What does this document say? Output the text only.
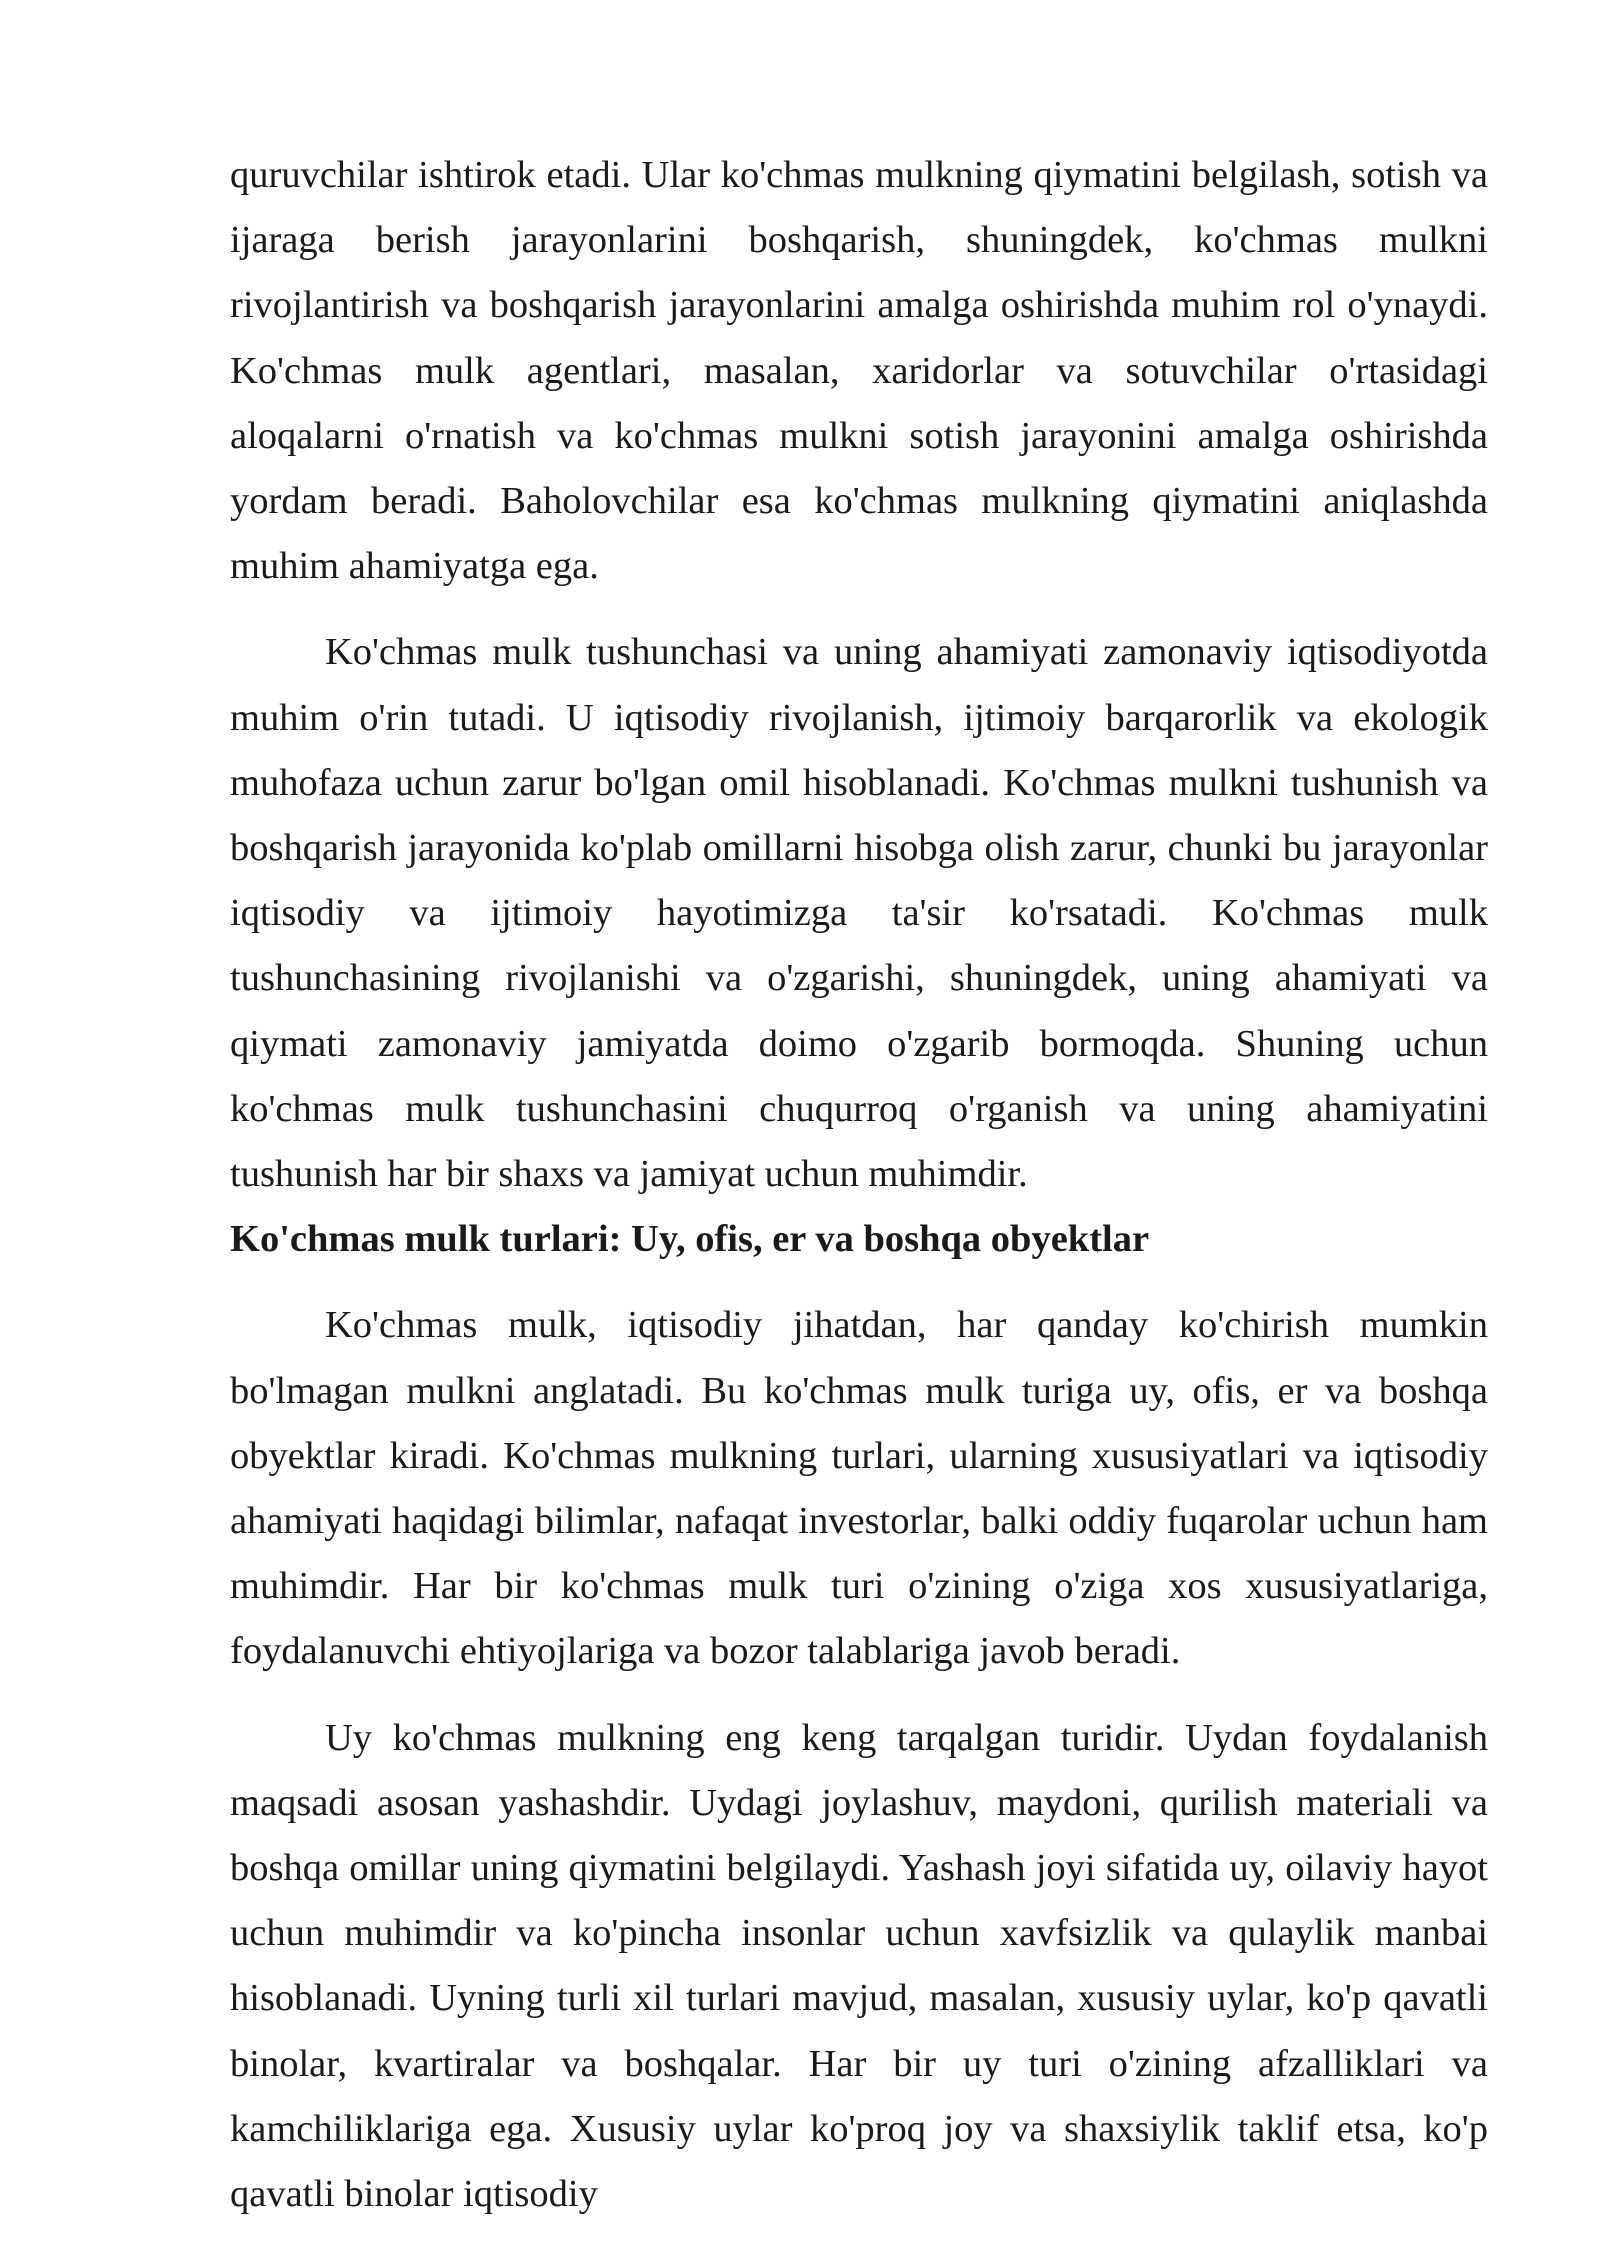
quruvchilar ishtirok etadi. Ular ko'chmas mulkning qiymatini belgilash, sotish va ijaraga berish jarayonlarini boshqarish, shuningdek, ko'chmas mulkni rivojlantirish va boshqarish jarayonlarini amalga oshirishda muhim rol o'ynaydi. Ko'chmas mulk agentlari, masalan, xaridorlar va sotuvchilar o'rtasidagi aloqalarni o'rnatish va ko'chmas mulkni sotish jarayonini amalga oshirishda yordam beradi. Baholovchilar esa ko'chmas mulkning qiymatini aniqlashda muhim ahamiyatga ega.

Ko'chmas mulk tushunchasi va uning ahamiyati zamonaviy iqtisodiyotda muhim o'rin tutadi. U iqtisodiy rivojlanish, ijtimoiy barqarorlik va ekologik muhofaza uchun zarur bo'lgan omil hisoblanadi. Ko'chmas mulkni tushunish va boshqarish jarayonida ko'plab omillarni hisobga olish zarur, chunki bu jarayonlar iqtisodiy va ijtimoiy hayotimizga ta'sir ko'rsatadi. Ko'chmas mulk tushunchasining rivojlanishi va o'zgarishi, shuningdek, uning ahamiyati va qiymati zamonaviy jamiyatda doimo o'zgarib bormoqda. Shuning uchun ko'chmas mulk tushunchasini chuqurroq o'rganish va uning ahamiyatini tushunish har bir shaxs va jamiyat uchun muhimdir.

Ko'chmas mulk turlari: Uy, ofis, er va boshqa obyektlar

Ko'chmas mulk, iqtisodiy jihatdan, har qanday ko'chirish mumkin bo'lmagan mulkni anglatadi. Bu ko'chmas mulk turiga uy, ofis, er va boshqa obyektlar kiradi. Ko'chmas mulkning turlari, ularning xususiyatlari va iqtisodiy ahamiyati haqidagi bilimlar, nafaqat investorlar, balki oddiy fuqarolar uchun ham muhimdir. Har bir ko'chmas mulk turi o'zining o'ziga xos xususiyatlariga, foydalanuvchi ehtiyojlariga va bozor talablariga javob beradi.

Uy ko'chmas mulkning eng keng tarqalgan turidir. Uydan foydalanish maqsadi asosan yashashdir. Uydagi joylashuv, maydoni, qurilish materiali va boshqa omillar uning qiymatini belgilaydi. Yashash joyi sifatida uy, oilaviy hayot uchun muhimdir va ko'pincha insonlar uchun xavfsizlik va qulaylik manbai hisoblanadi. Uyning turli xil turlari mavjud, masalan, xususiy uylar, ko'p qavatli binolar, kvartiralar va boshqalar. Har bir uy turi o'zining afzalliklari va kamchiliklariga ega. Xususiy uylar ko'proq joy va shaxsiylik taklif etsa, ko'p qavatli binolar iqtisodiy
